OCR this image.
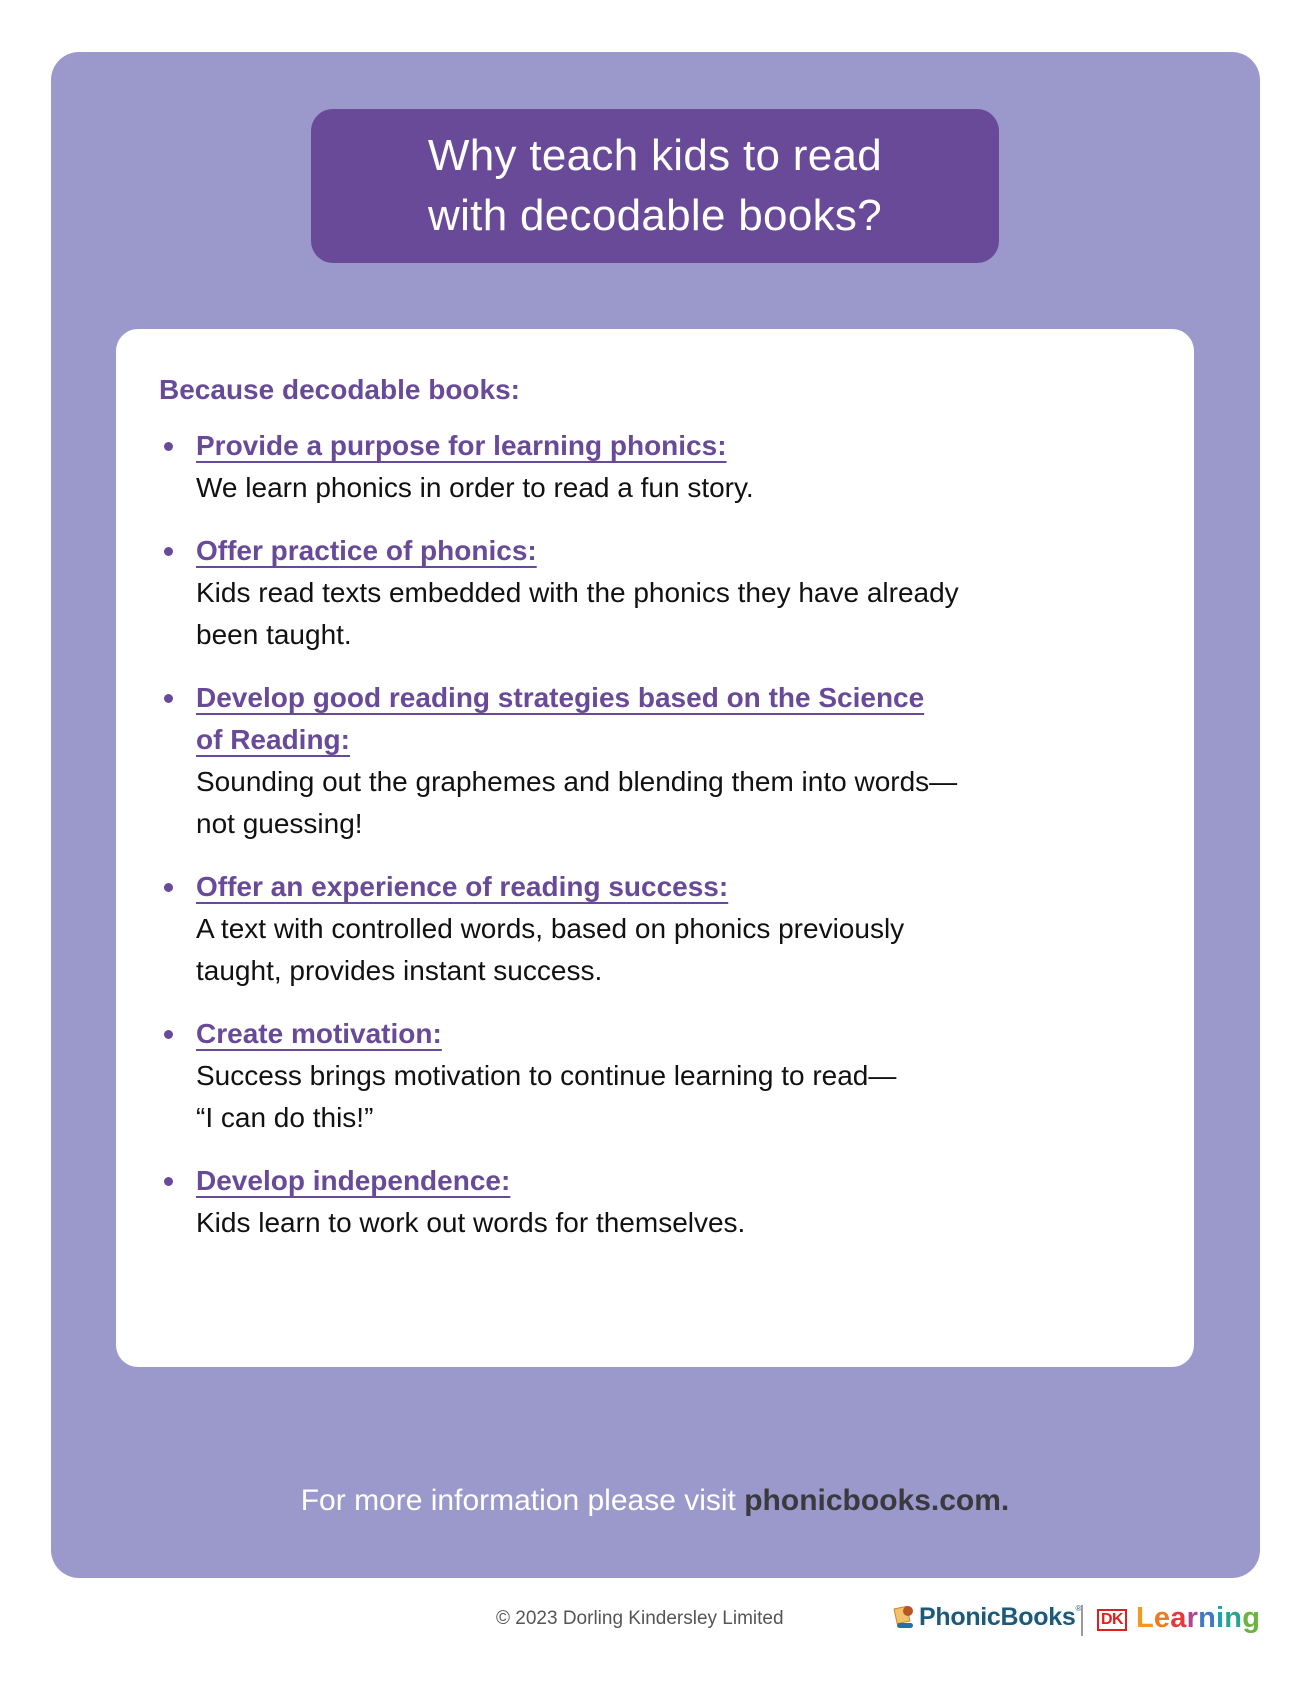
Why teach kids to read
with decodable books?
Because decodable books:
Provide a purpose for learning phonics:
We learn phonics in order to read a fun story.
Offer practice of phonics:
Kids read texts embedded with the phonics they have already
been taught.
Develop good reading strategies based on the Science
of Reading:
Sounding out the graphemes and blending them into words—
not guessing!
Offer an experience of reading success:
A text with controlled words, based on phonics previously
taught, provides instant success.
Create motivation:
Success brings motivation to continue learning to read—
“I can do this!”
Develop independence:
Kids learn to work out words for themselves.
For more information please visit phonicbooks.com.
© 2023 Dorling Kindersley Limited	PhonicBooks ®
DK Learning
